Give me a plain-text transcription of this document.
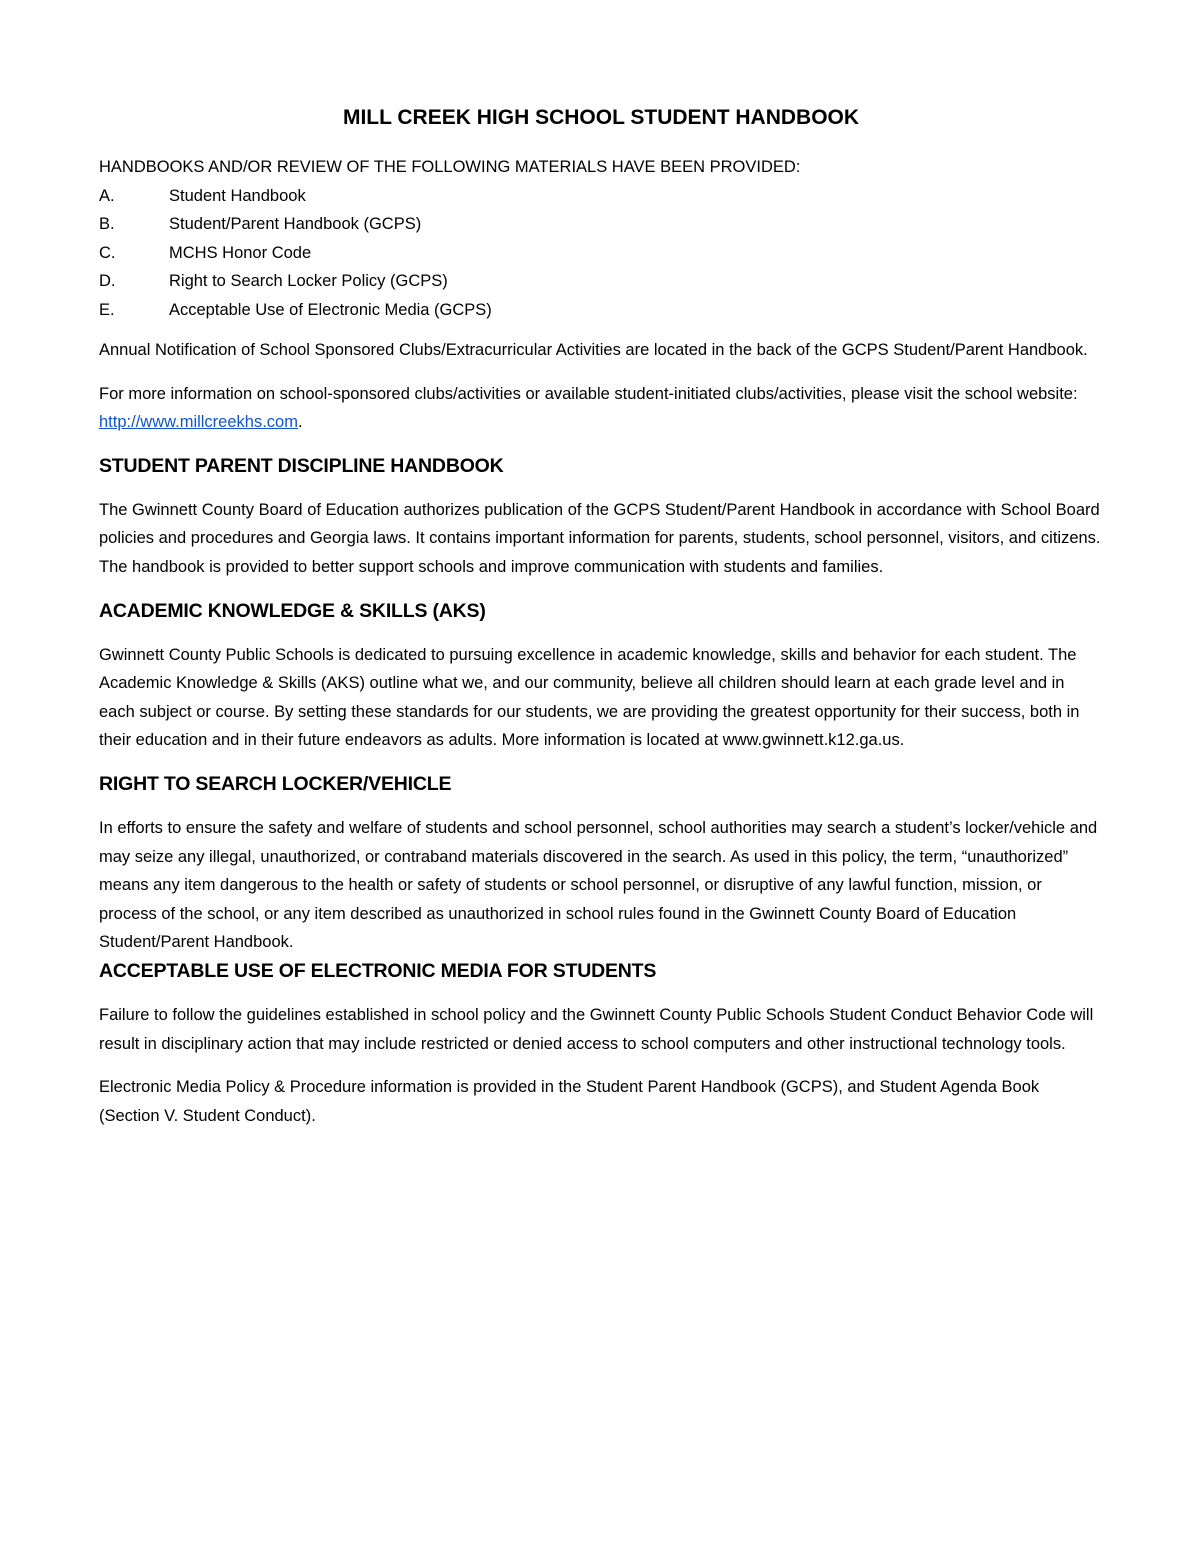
MILL CREEK HIGH SCHOOL STUDENT HANDBOOK

HANDBOOKS AND/OR REVIEW OF THE FOLLOWING MATERIALS HAVE BEEN PROVIDED:

A.	Student Handbook
B.	Student/Parent Handbook (GCPS)
C.	MCHS Honor Code
D.	Right to Search Locker Policy (GCPS)
E.	Acceptable Use of Electronic Media (GCPS)

Annual Notification of School Sponsored Clubs/Extracurricular Activities are located in the back of the GCPS Student/Parent Handbook.

For more information on school-sponsored clubs/activities or available student-initiated clubs/activities, please visit the school website: http://www.millcreekhs.com.

STUDENT PARENT DISCIPLINE HANDBOOK

The Gwinnett County Board of Education authorizes publication of the GCPS Student/Parent Handbook in accordance with School Board policies and procedures and Georgia laws. It contains important information for parents, students, school personnel, visitors, and citizens. The handbook is provided to better support schools and improve communication with students and families.

ACADEMIC KNOWLEDGE & SKILLS (AKS)

Gwinnett County Public Schools is dedicated to pursuing excellence in academic knowledge, skills and behavior for each student. The Academic Knowledge & Skills (AKS) outline what we, and our community, believe all children should learn at each grade level and in each subject or course. By setting these standards for our students, we are providing the greatest opportunity for their success, both in their education and in their future endeavors as adults. More information is located at www.gwinnett.k12.ga.us.

RIGHT TO SEARCH LOCKER/VEHICLE

In efforts to ensure the safety and welfare of students and school personnel, school authorities may search a student’s locker/vehicle and may seize any illegal, unauthorized, or contraband materials discovered in the search. As used in this policy, the term, “unauthorized” means any item dangerous to the health or safety of students or school personnel, or disruptive of any lawful function, mission, or process of the school, or any item described as unauthorized in school rules found in the Gwinnett County Board of Education Student/Parent Handbook.

ACCEPTABLE USE OF ELECTRONIC MEDIA FOR STUDENTS

Failure to follow the guidelines established in school policy and the Gwinnett County Public Schools Student Conduct Behavior Code will result in disciplinary action that may include restricted or denied access to school computers and other instructional technology tools.

Electronic Media Policy & Procedure information is provided in the Student Parent Handbook (GCPS), and Student Agenda Book (Section V. Student Conduct).
